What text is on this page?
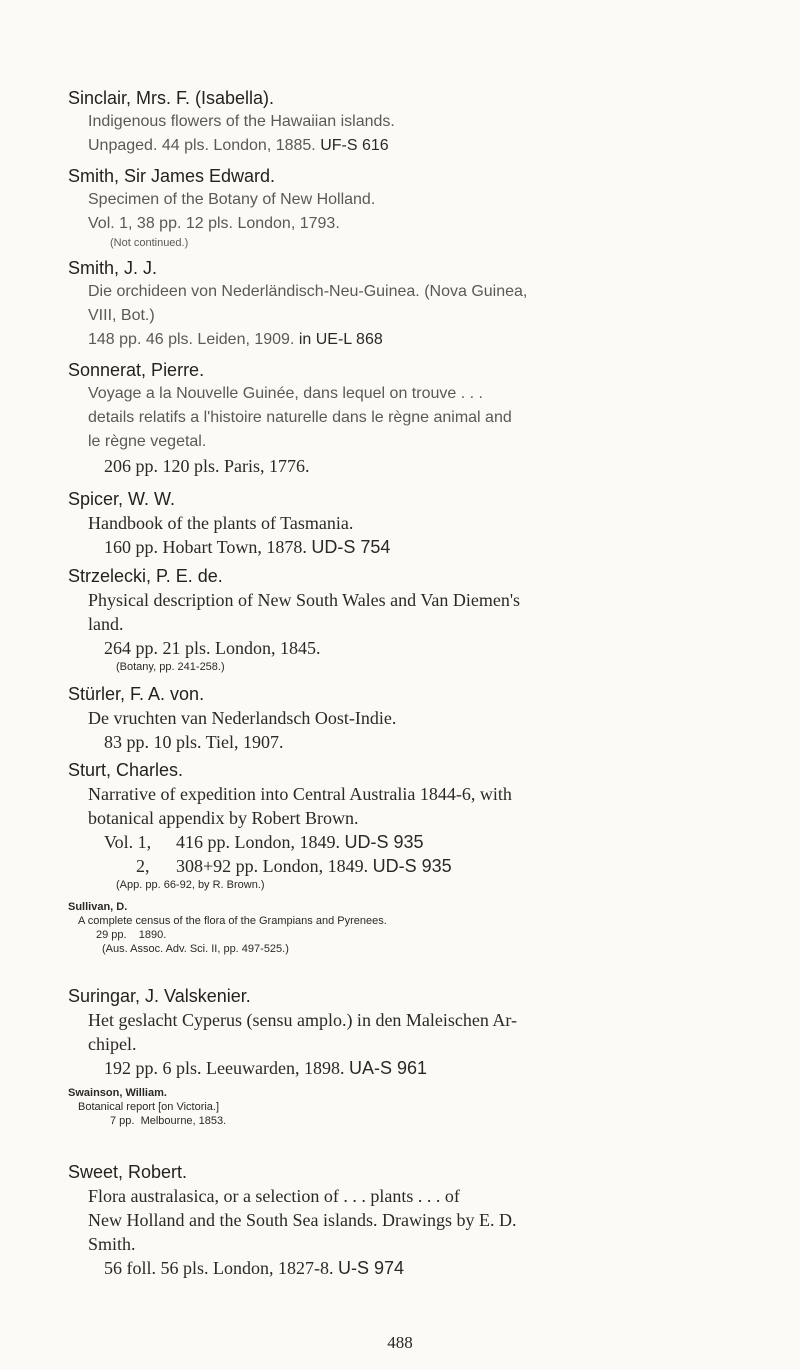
Sinclair, Mrs. F. (Isabella).
Indigenous flowers of the Hawaiian islands.
Unpaged. 44 pls. London, 1885. UF-S 616
Smith, Sir James Edward.
Specimen of the Botany of New Holland.
Vol. 1, 38 pp. 12 pls. London, 1793.
(Not continued.)
Smith, J. J.
Die orchideen von Nederländisch-Neu-Guinea. (Nova Guinea,
VIII, Bot.)
148 pp. 46 pls. Leiden, 1909. in UE-L 868
Sonnerat, Pierre.
Voyage a la Nouvelle Guinée, dans lequel on trouve . . .
details relatifs a l'histoire naturelle dans le règne animal and
le règne vegetal.
206 pp. 120 pls. Paris, 1776.
Spicer, W. W.
Handbook of the plants of Tasmania.
160 pp. Hobart Town, 1878. UD-S 754
Strzelecki, P. E. de.
Physical description of New South Wales and Van Diemen's
land.
264 pp. 21 pls. London, 1845.
(Botany, pp. 241-258.)
Stürler, F. A. von.
De vruchten van Nederlandsch Oost-Indie.
83 pp. 10 pls. Tiel, 1907.
Sturt, Charles.
Narrative of expedition into Central Australia 1844-6, with
botanical appendix by Robert Brown.
Vol. 1, 416 pp. London, 1849. UD-S 935
2, 308+92 pp. London, 1849. UD-S 935
(App. pp. 66-92, by R. Brown.)
Sullivan, D.
A complete census of the flora of the Grampians and Pyrenees.
29 pp.    1890.
(Aus. Assoc. Adv. Sci. II, pp. 497-525.)
Suringar, J. Valskenier.
Het geslacht Cyperus (sensu amplo.) in den Maleischen Ar-
chipel.
192 pp. 6 pls. Leeuwarden, 1898. UA-S 961
Swainson, William.
Botanical report [on Victoria.]
7 pp.  Melbourne, 1853.
Sweet, Robert.
Flora australasica, or a selection of . . . plants . . . of
New Holland and the South Sea islands. Drawings by E. D.
Smith.
56 foll. 56 pls. London, 1827-8. U-S 974
488
